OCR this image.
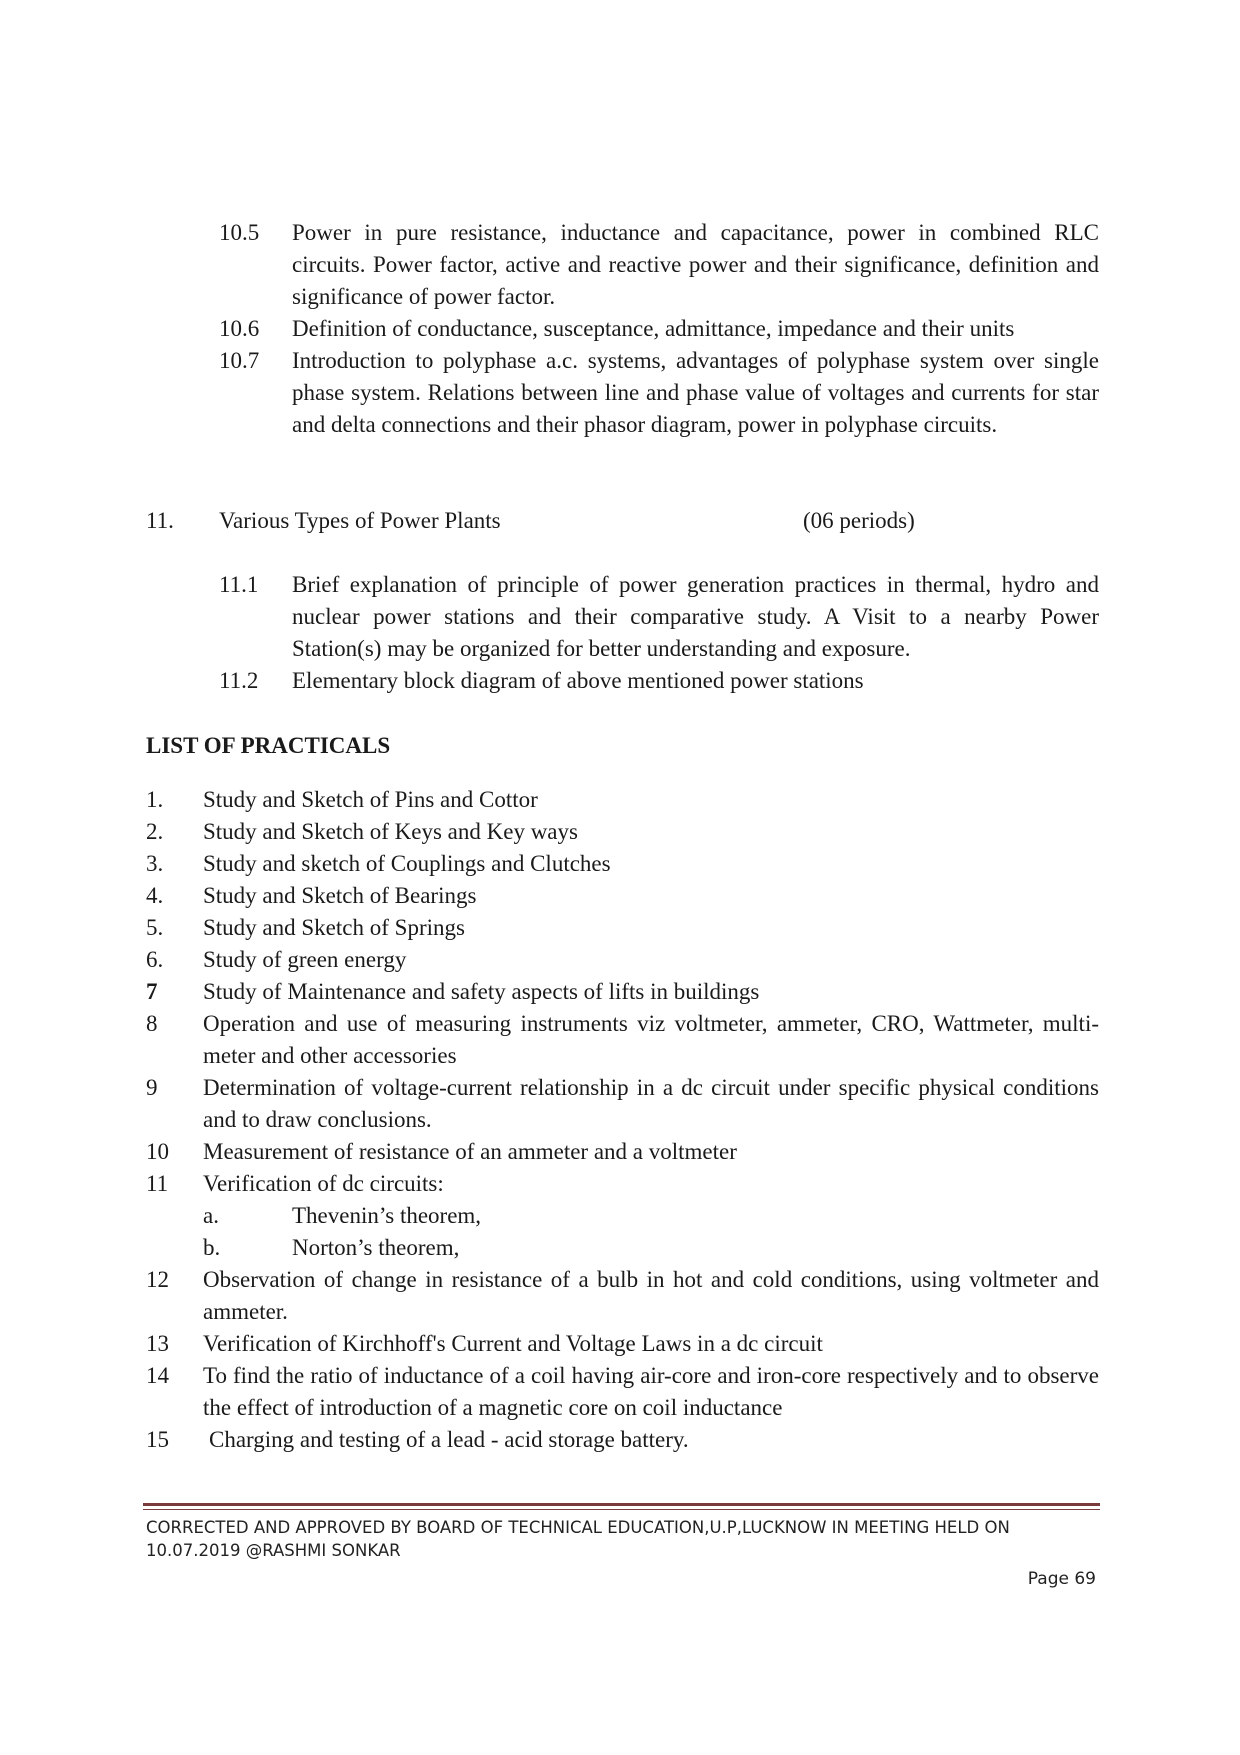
10.5	Power in pure resistance, inductance and capacitance, power in combined RLC circuits. Power factor, active and reactive power and their significance, definition and significance of power factor.
10.6	Definition of conductance, susceptance, admittance, impedance and their units
10.7	Introduction to polyphase a.c. systems, advantages of polyphase system over single phase system. Relations between line and phase value of voltages and currents for star and delta connections and their phasor diagram, power in polyphase circuits.
11. Various Types of Power Plants	(06 periods)
11.1	Brief explanation of principle of power generation practices in thermal, hydro and nuclear power stations and their comparative study. A Visit to a nearby Power Station(s) may be organized for better understanding and exposure.
11.2	Elementary block diagram of above mentioned power stations
LIST OF PRACTICALS
1.	Study and Sketch of Pins and Cottor
2.	Study and Sketch of Keys and Key ways
3.	Study and sketch of Couplings and Clutches
4.	Study and Sketch of Bearings
5.	Study and Sketch of Springs
6.	Study of green energy
7	Study of Maintenance and safety aspects of lifts in buildings
8	Operation and use of measuring instruments viz voltmeter, ammeter, CRO, Wattmeter, multi-meter and other accessories
9	Determination of voltage-current relationship in a dc circuit under specific physical conditions and to draw conclusions.
10	Measurement of resistance of an ammeter and a voltmeter
11	Verification of dc circuits:
a.	Thevenin’s theorem,
b.	Norton’s theorem,
12	Observation of change in resistance of a bulb in hot and cold conditions, using voltmeter and ammeter.
13	Verification of Kirchhoff's Current and Voltage Laws in a dc circuit
14	To find the ratio of inductance of a coil having air-core and iron-core respectively and to observe the effect of introduction of a magnetic core on coil inductance
15	Charging and testing of a lead - acid storage battery.
CORRECTED AND APPROVED BY BOARD OF TECHNICAL EDUCATION,U.P,LUCKNOW IN MEETING HELD ON
10.07.2019 @RASHMI SONKAR
Page 69
